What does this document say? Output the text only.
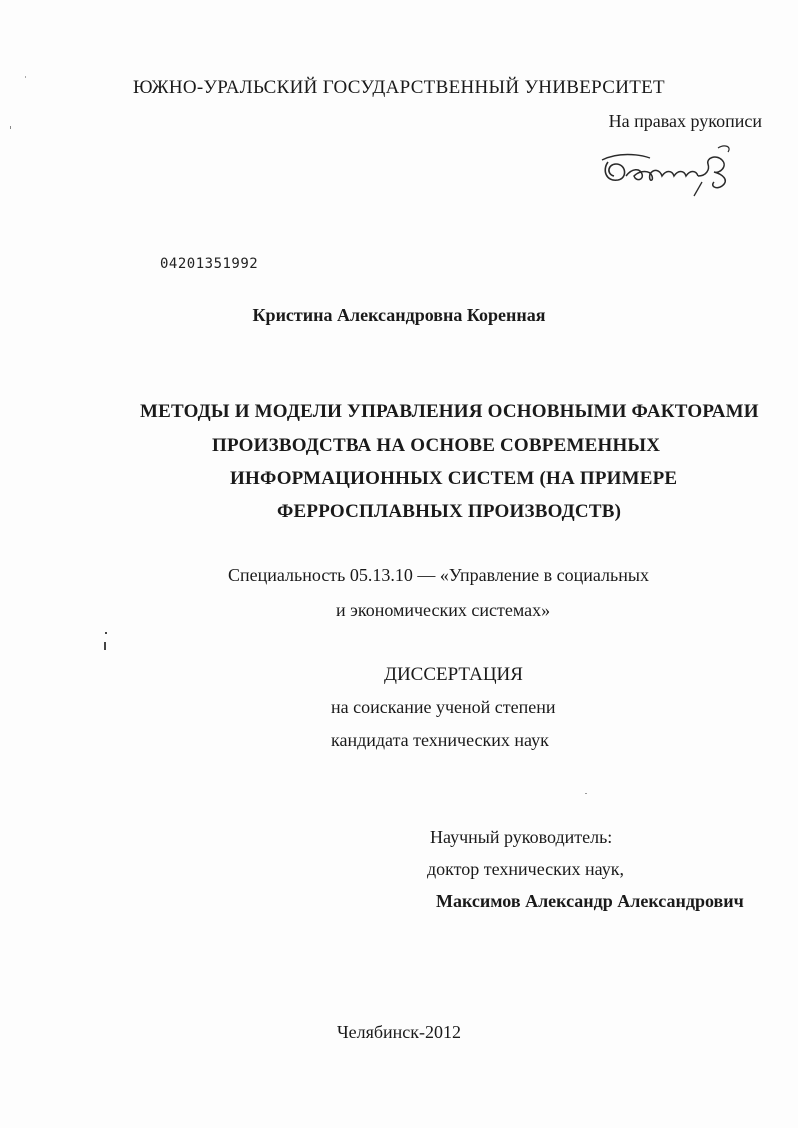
ЮЖНО-УРАЛЬСКИЙ ГОСУДАРСТВЕННЫЙ УНИВЕРСИТЕТ
На правах рукописи
04201351992
Кристина Александровна Коренная
МЕТОДЫ И МОДЕЛИ УПРАВЛЕНИЯ ОСНОВНЫМИ ФАКТОРАМИ
ПРОИЗВОДСТВА НА ОСНОВЕ СОВРЕМЕННЫХ
ИНФОРМАЦИОННЫХ СИСТЕМ (НА ПРИМЕРЕ
ФЕРРОСПЛАВНЫХ ПРОИЗВОДСТВ)
Специальность 05.13.10 — «Управление в социальных
и экономических системах»
ДИССЕРТАЦИЯ
на соискание ученой степени
кандидата технических наук
Научный руководитель:
доктор технических наук,
Максимов Александр Александрович
Челябинск-2012
